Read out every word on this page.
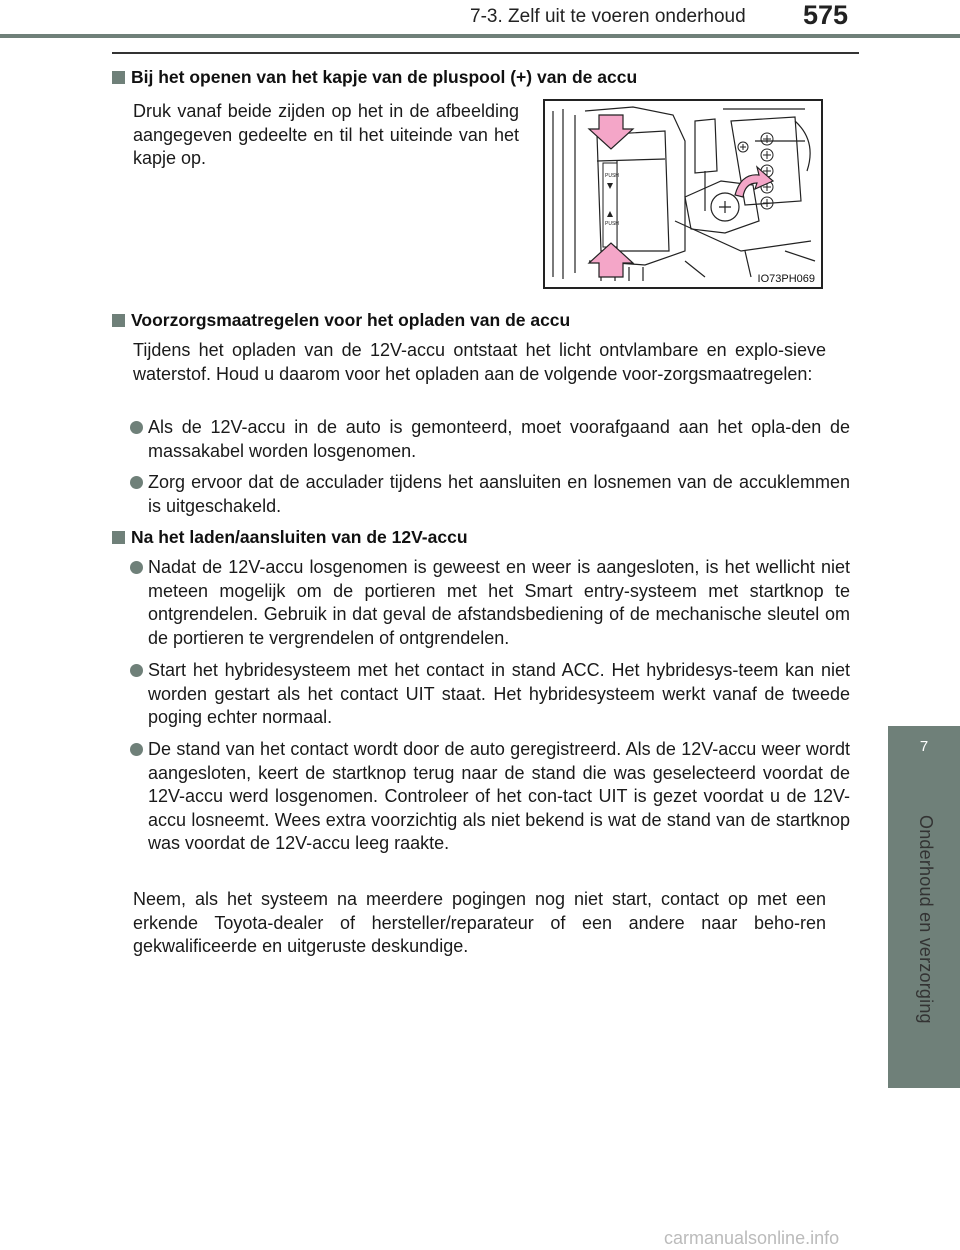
7-3. Zelf uit te voeren onderhoud 575
7
Onderhoud en verzorging
Bij het openen van het kapje van de pluspool (+) van de accu
Druk vanaf beide zijden op het in de afbeelding aangegeven gedeelte en til het uiteinde van het kapje op.
PUSH
PUSH
IO73PH069
Voorzorgsmaatregelen voor het opladen van de accu
Tijdens het opladen van de 12V-accu ontstaat het licht ontvlambare en explo-sieve waterstof. Houd u daarom voor het opladen aan de volgende voor-zorgsmaatregelen:
Als de 12V-accu in de auto is gemonteerd, moet voorafgaand aan het opla-den de massakabel worden losgenomen.
Zorg ervoor dat de acculader tijdens het aansluiten en losnemen van de accuklemmen is uitgeschakeld.
Na het laden/aansluiten van de 12V-accu
Nadat de 12V-accu losgenomen is geweest en weer is aangesloten, is het wellicht niet meteen mogelijk om de portieren met het Smart entry-systeem met startknop te ontgrendelen. Gebruik in dat geval de afstandsbediening of de mechanische sleutel om de portieren te vergrendelen of ontgrendelen.
Start het hybridesysteem met het contact in stand ACC. Het hybridesys-teem kan niet worden gestart als het contact UIT staat. Het hybridesysteem werkt vanaf de tweede poging echter normaal.
De stand van het contact wordt door de auto geregistreerd. Als de 12V-accu weer wordt aangesloten, keert de startknop terug naar de stand die was geselecteerd voordat de 12V-accu werd losgenomen. Controleer of het con-tact UIT is gezet voordat u de 12V-accu losneemt. Wees extra voorzichtig als niet bekend is wat de stand van de startknop was voordat de 12V-accu leeg raakte.
Neem, als het systeem na meerdere pogingen nog niet start, contact op met een erkende Toyota-dealer of hersteller/reparateur of een andere naar beho-ren gekwalificeerde en uitgeruste deskundige.
carmanualsonline.info
